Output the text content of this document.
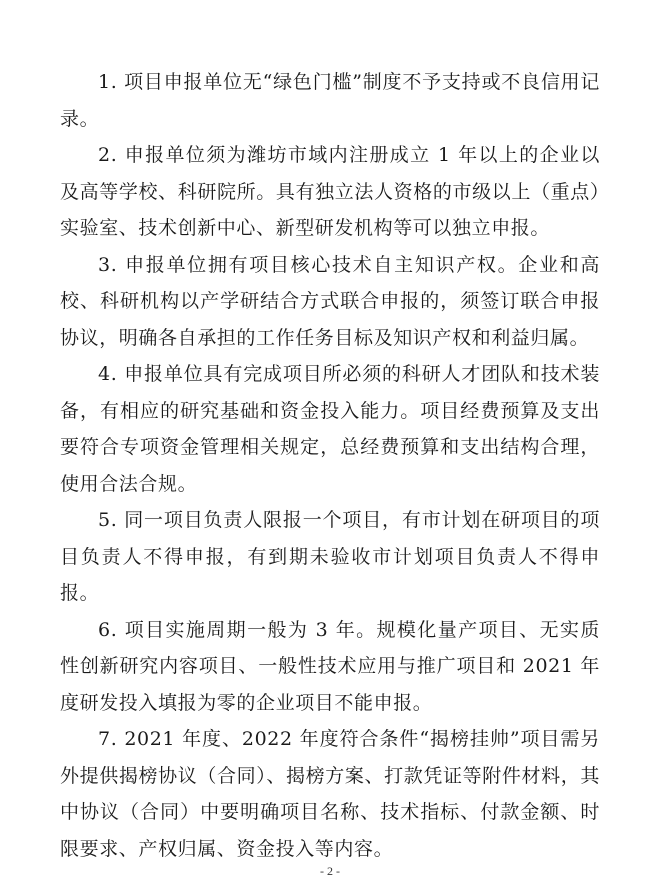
1. 项目申报单位无“绿色门槛”制度不予支持或不良信用记录。

2. 申报单位须为潍坊市域内注册成立 1 年以上的企业以及高等学校、科研院所。具有独立法人资格的市级以上（重点）实验室、技术创新中心、新型研发机构等可以独立申报。

3. 申报单位拥有项目核心技术自主知识产权。企业和高校、科研机构以产学研结合方式联合申报的，须签订联合申报协议，明确各自承担的工作任务目标及知识产权和利益归属。

4. 申报单位具有完成项目所必须的科研人才团队和技术装备，有相应的研究基础和资金投入能力。项目经费预算及支出要符合专项资金管理相关规定，总经费预算和支出结构合理，使用合法合规。

5. 同一项目负责人限报一个项目，有市计划在研项目的项目负责人不得申报，有到期未验收市计划项目负责人不得申报。

6. 项目实施周期一般为 3 年。规模化量产项目、无实质性创新研究内容项目、一般性技术应用与推广项目和 2021 年度研发投入填报为零的企业项目不能申报。

7. 2021 年度、2022 年度符合条件“揭榜挂帅”项目需另外提供揭榜协议（合同）、揭榜方案、打款凭证等附件材料，其中协议（合同）中要明确项目名称、技术指标、付款金额、时限要求、产权归属、资金投入等内容。

- 2 -
